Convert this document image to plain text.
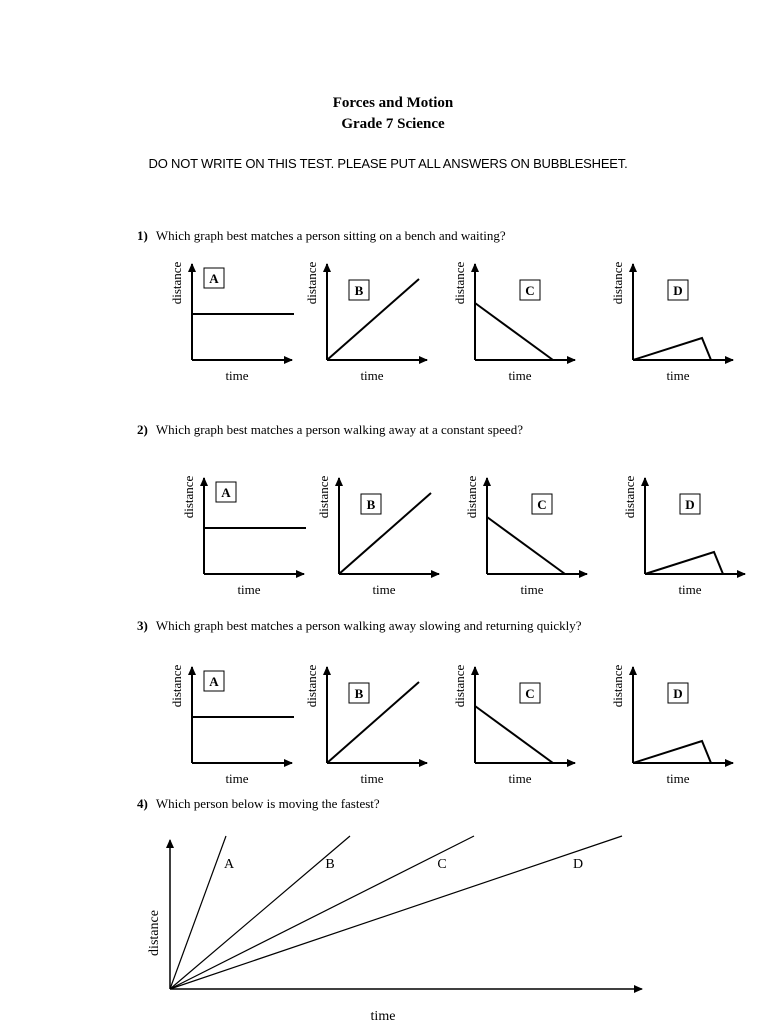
Forces and Motion
Grade 7 Science
DO NOT WRITE ON THIS TEST. PLEASE PUT ALL ANSWERS ON BUBBLESHEET.
1) Which graph best matches a person sitting on a bench and waiting?
2) Which graph best matches a person walking away at a constant speed?
3) Which graph best matches a person walking away slowing and returning quickly?
4) Which person below is moving the fastest?
time
distance A
time
distance	B
time
distance	C
time
distance	D
time
distance A
time
distance	B
time
distance	C
time
distance	D
time
distance A
time
distance	B
time
distance	C
time
distance	D
A	B	C	D
time
distance
